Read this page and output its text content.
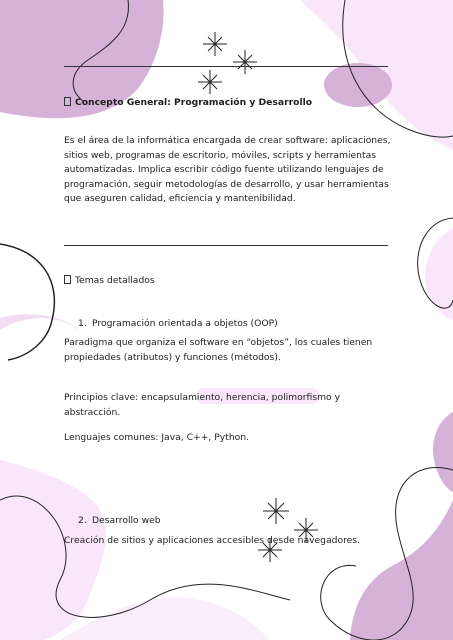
Concepto General: Programación y Desarrollo

Es el área de la informática encargada de crear software: aplicaciones, sitios web, programas de escritorio, móviles, scripts y herramientas automatizadas. Implica escribir código fuente utilizando lenguajes de programación, seguir metodologías de desarrollo, y usar herramientas que aseguren calidad, eficiencia y mantenibilidad.

Temas detallados

1. Programación orientada a objetos (OOP)

Paradigma que organiza el software en “objetos”, los cuales tienen propiedades (atributos) y funciones (métodos).

Principios clave: encapsulamiento, herencia, polimorfismo y abstracción.

Lenguajes comunes: Java, C++, Python.

2. Desarrollo web

Creación de sitios y aplicaciones accesibles desde navegadores.
